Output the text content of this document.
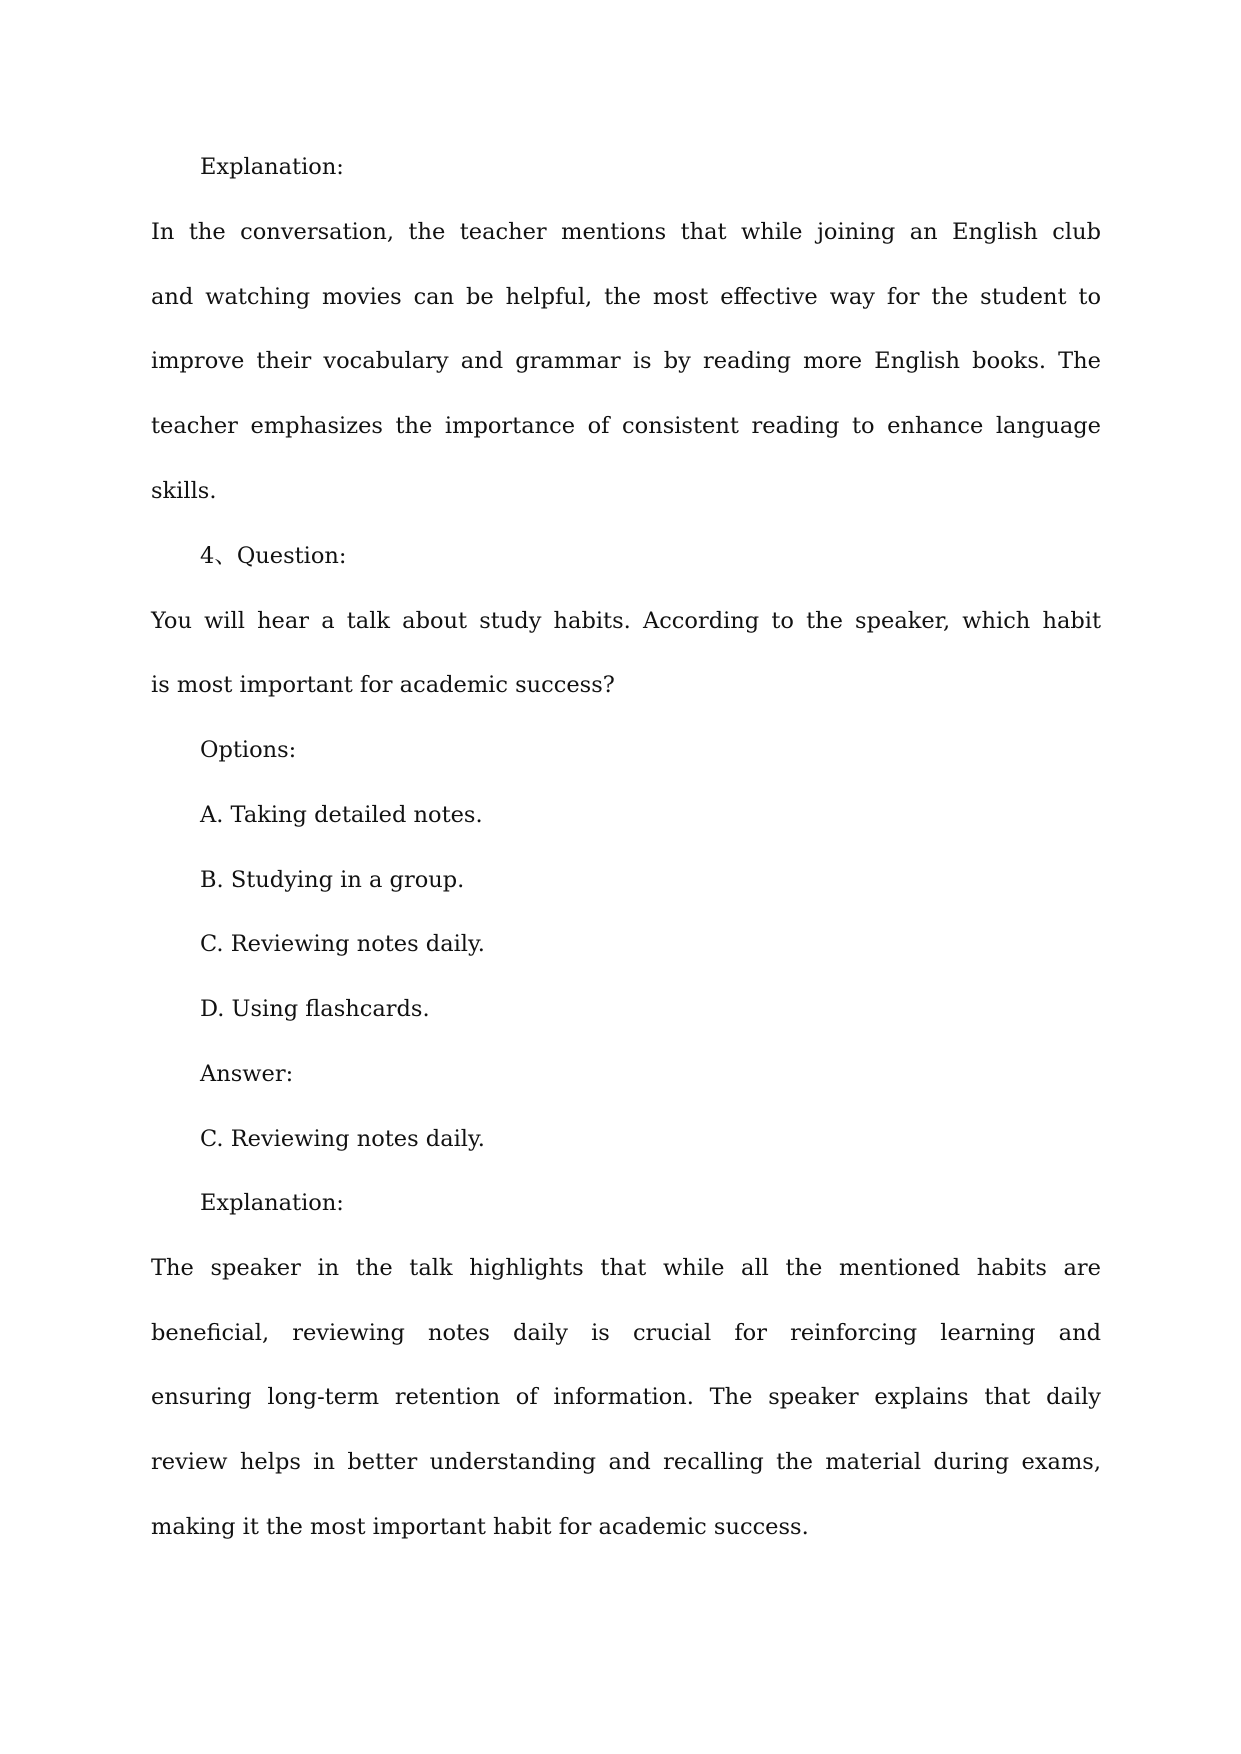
Explanation:
In the conversation, the teacher mentions that while joining an English club
and watching movies can be helpful, the most effective way for the student to
improve their vocabulary and grammar is by reading more English books. The
teacher emphasizes the importance of consistent reading to enhance language
skills.
4、Question:
You will hear a talk about study habits. According to the speaker, which habit
is most important for academic success?
Options:
A. Taking detailed notes.
B. Studying in a group.
C. Reviewing notes daily.
D. Using flashcards.
Answer:
C. Reviewing notes daily.
Explanation:
The speaker in the talk highlights that while all the mentioned habits are
beneficial, reviewing notes daily is crucial for reinforcing learning and
ensuring long-term retention of information. The speaker explains that daily
review helps in better understanding and recalling the material during exams,
making it the most important habit for academic success.
